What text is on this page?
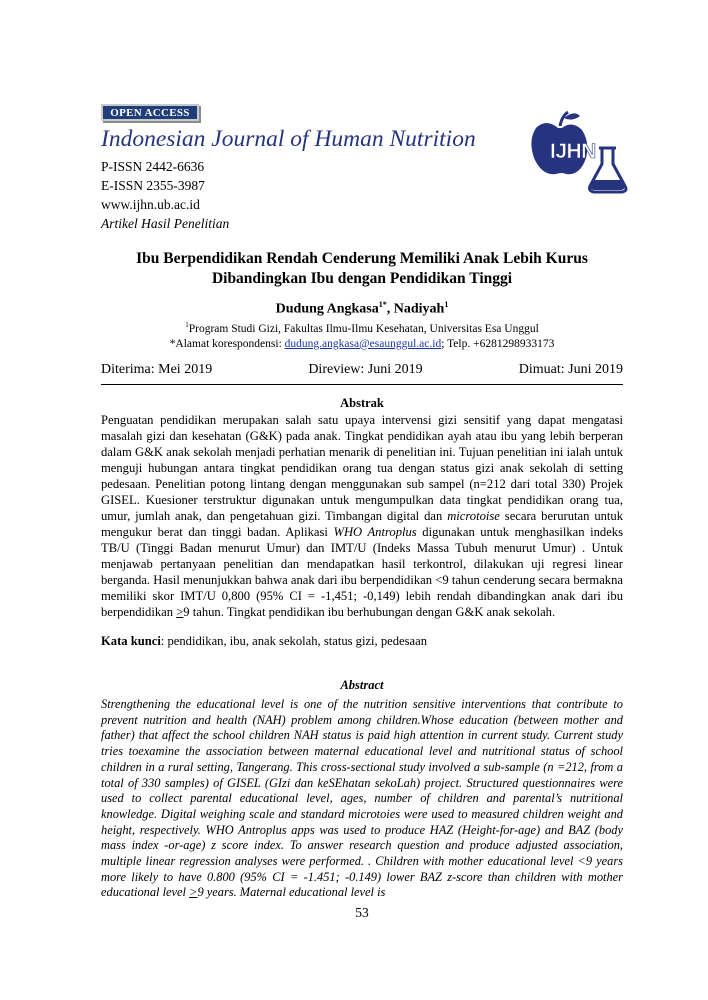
OPEN ACCESS
Indonesian Journal of Human Nutrition
P-ISSN 2442-6636
E-ISSN 2355-3987
www.ijhn.ub.ac.id
Artikel Hasil Penelitian
IJHN
Ibu Berpendidikan Rendah Cenderung Memiliki Anak Lebih Kurus
Dibandingkan Ibu dengan Pendidikan Tinggi
Dudung Angkasa$^{1*}$, Nadiyah$^1$
$^1$Program Studi Gizi, Fakultas Ilmu-Ilmu Kesehatan, Universitas Esa Unggul
*Alamat korespondensi: dudung.angkasa@esaunggul.ac.id; Telp. +6281298933173
Diterima: Mei 2019	Direview: Juni 2019	Dimuat: Juni 2019
Abstrak
Penguatan pendidikan merupakan salah satu upaya intervensi gizi sensitif yang dapat mengatasi masalah gizi dan kesehatan (G&K) pada anak. Tingkat pendidikan ayah atau ibu yang lebih berperan dalam G&K anak sekolah menjadi perhatian menarik di penelitian ini. Tujuan penelitian ini ialah untuk menguji hubungan antara tingkat pendidikan orang tua dengan status gizi anak sekolah di setting pedesaan. Penelitian potong lintang dengan menggunakan sub sampel (n=212 dari total 330) Projek GISEL. Kuesioner terstruktur digunakan untuk mengumpulkan data tingkat pendidikan orang tua, umur, jumlah anak, dan pengetahuan gizi. Timbangan digital dan microtoise secara berurutan untuk mengukur berat dan tinggi badan. Aplikasi WHO Antroplus digunakan untuk menghasilkan indeks TB/U (Tinggi Badan menurut Umur) dan IMT/U (Indeks Massa Tubuh menurut Umur) . Untuk menjawab pertanyaan penelitian dan mendapatkan hasil terkontrol, dilakukan uji regresi linear berganda. Hasil menunjukkan bahwa anak dari ibu berpendidikan <9 tahun cenderung secara bermakna memiliki skor IMT/U 0,800 (95% CI = -1,451; -0,149) lebih rendah dibandingkan anak dari ibu berpendidikan >9 tahun. Tingkat pendidikan ibu berhubungan dengan G&K anak sekolah.
Kata kunci: pendidikan, ibu, anak sekolah, status gizi, pedesaan
Abstract
Strengthening the educational level is one of the nutrition sensitive interventions that contribute to prevent nutrition and health (NAH) problem among children.Whose education (between mother and father) that affect the school children NAH status is paid high attention in current study. Current study tries toexamine the association between maternal educational level and nutritional status of school children in a rural setting, Tangerang. This cross-sectional study involved a sub-sample (n =212, from a total of 330 samples) of GISEL (GIzi dan keSEhatan sekoLah) project. Structured questionnaires were used to collect parental educational level, ages, number of children and parental’s nutritional knowledge. Digital weighing scale and standard microtoies were used to measured children weight and height, respectively. WHO Antroplus apps was used to produce HAZ (Height-for-age) and BAZ (body mass index -or-age) z score index. To answer research question and produce adjusted association, multiple linear regression analyses were performed. . Children with mother educational level <9 years more likely to have 0.800 (95% CI = -1.451; -0.149) lower BAZ z-score than children with mother educational level >9 years. Maternal educational level is
53
